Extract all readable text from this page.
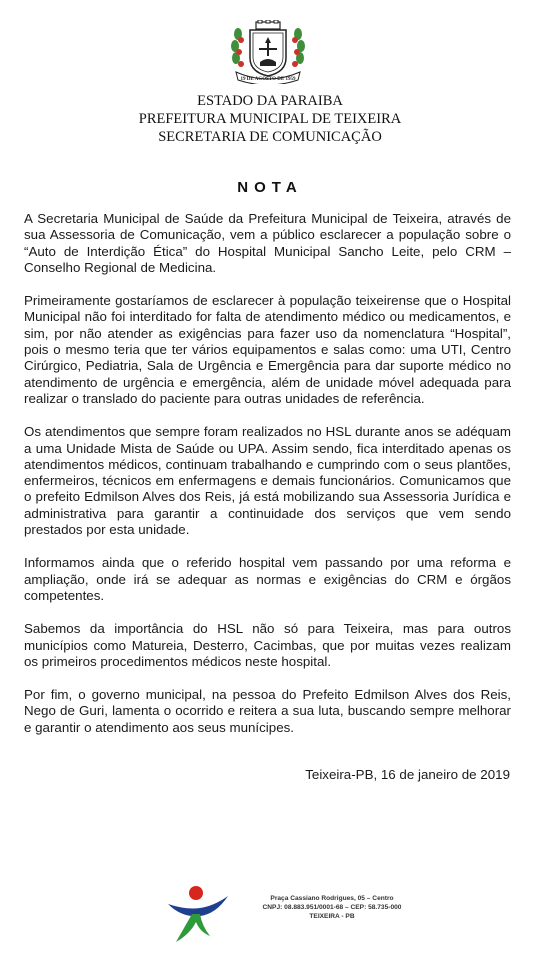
19 DE AGOSTO DE 1959
ESTADO DA PARAIBA
PREFEITURA MUNICIPAL DE TEIXEIRA
SECRETARIA DE COMUNICAÇÃO
NOTA

A Secretaria Municipal de Saúde da Prefeitura Municipal de Teixeira, através de sua Assessoria de Comunicação, vem a público esclarecer a população sobre o “Auto de Interdição Ética” do Hospital Municipal Sancho Leite, pelo CRM – Conselho Regional de Medicina.

Primeiramente gostaríamos de esclarecer à população teixeirense que o Hospital Municipal não foi interditado for falta de atendimento médico ou medicamentos, e sim, por não atender as exigências para fazer uso da nomenclatura “Hospital”, pois o mesmo teria que ter vários equipamentos e salas como: uma UTI, Centro Cirúrgico, Pediatria, Sala de Urgência e Emergência para dar suporte médico no atendimento de urgência e emergência, além de unidade móvel adequada para realizar o translado do paciente para outras unidades de referência.

Os atendimentos que sempre foram realizados no HSL durante anos se adéquam a uma Unidade Mista de Saúde ou UPA. Assim sendo, fica interditado apenas os atendimentos médicos, continuam trabalhando e cumprindo com o seus plantões, enfermeiros, técnicos em enfermagens e demais funcionários. Comunicamos que o prefeito Edmilson Alves dos Reis, já está mobilizando sua Assessoria Jurídica e administrativa para garantir a continuidade dos serviços que vem sendo prestados por esta unidade.

Informamos ainda que o referido hospital vem passando por uma reforma e ampliação, onde irá se adequar as normas e exigências do CRM e órgãos competentes.

Sabemos da importância do HSL não só para Teixeira, mas para outros municípios como Matureia, Desterro, Cacimbas, que por muitas vezes realizam os primeiros procedimentos médicos neste hospital.

Por fim, o governo municipal, na pessoa do Prefeito Edmilson Alves dos Reis, Nego de Guri, lamenta o ocorrido e reitera a sua luta, buscando sempre melhorar e garantir o atendimento aos seus munícipes.

Teixeira-PB, 16 de janeiro de 2019
Praça Cassiano Rodrigues, 05 – Centro
CNPJ: 08.883.951/0001-68 – CEP: 58.735-000
TEIXEIRA - PB
